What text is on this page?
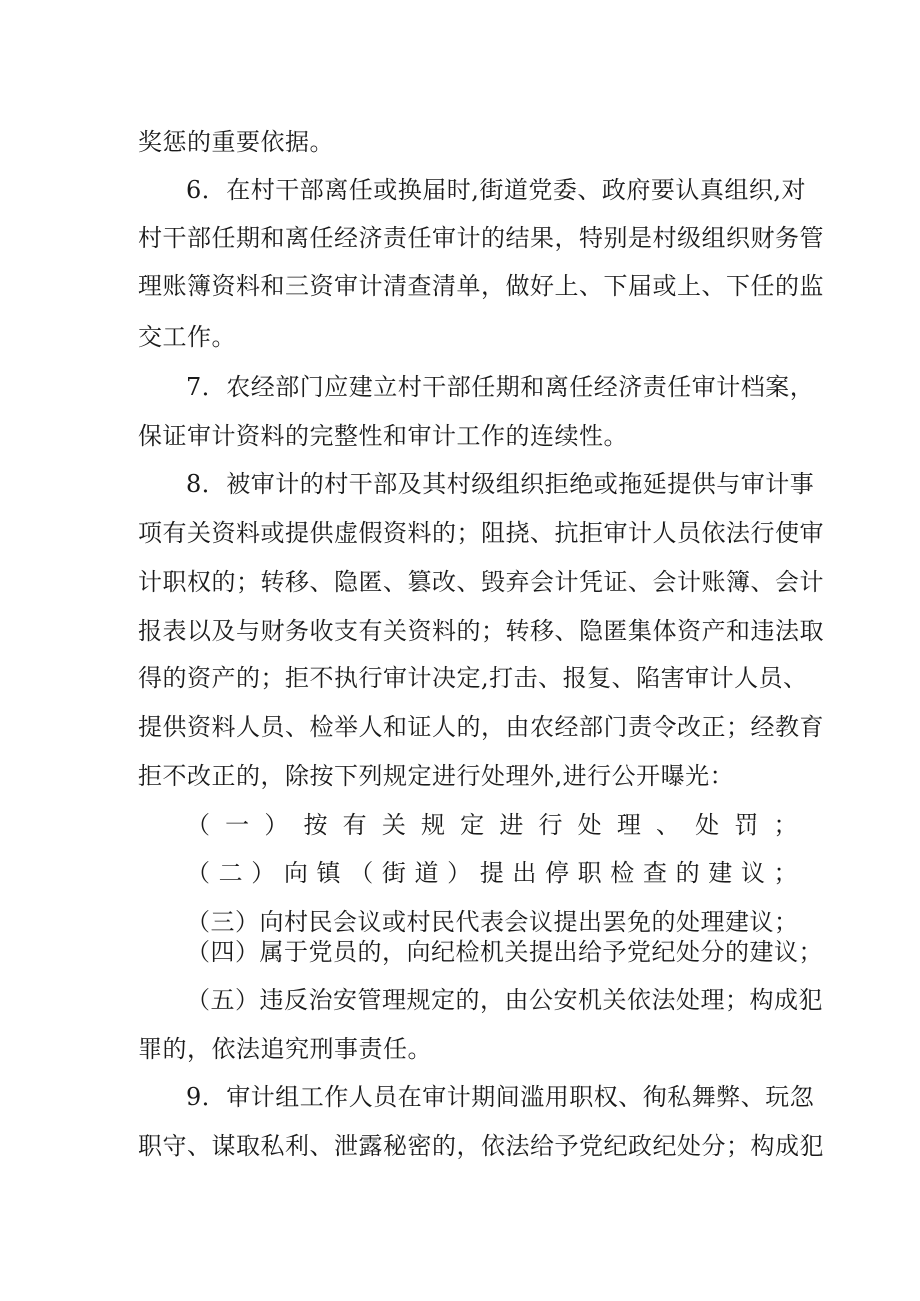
奖惩的重要依据。
6．在村干部离任或换届时,街道党委、政府要认真组织,对
村干部任期和离任经济责任审计的结果，特别是村级组织财务管
理账簿资料和三资审计清查清单，做好上、下届或上、下任的监
交工作。
7．农经部门应建立村干部任期和离任经济责任审计档案，
保证审计资料的完整性和审计工作的连续性。
8．被审计的村干部及其村级组织拒绝或拖延提供与审计事
项有关资料或提供虚假资料的；阻挠、抗拒审计人员依法行使审
计职权的；转移、隐匿、篡改、毁弃会计凭证、会计账簿、会计
报表以及与财务收支有关资料的；转移、隐匿集体资产和违法取
得的资产的；拒不执行审计决定,打击、报复、陷害审计人员、
提供资料人员、检举人和证人的，由农经部门责令改正；经教育
拒不改正的，除按下列规定进行处理外,进行公开曝光：
（一）按有关规定进行处理、处罚；
（二）向镇（街道）提出停职检查的建议；
（三）向村民会议或村民代表会议提出罢免的处理建议；
（四）属于党员的，向纪检机关提出给予党纪处分的建议；
（五）违反治安管理规定的，由公安机关依法处理；构成犯
罪的，依法追究刑事责任。
9．审计组工作人员在审计期间滥用职权、徇私舞弊、玩忽
职守、谋取私利、泄露秘密的，依法给予党纪政纪处分；构成犯
